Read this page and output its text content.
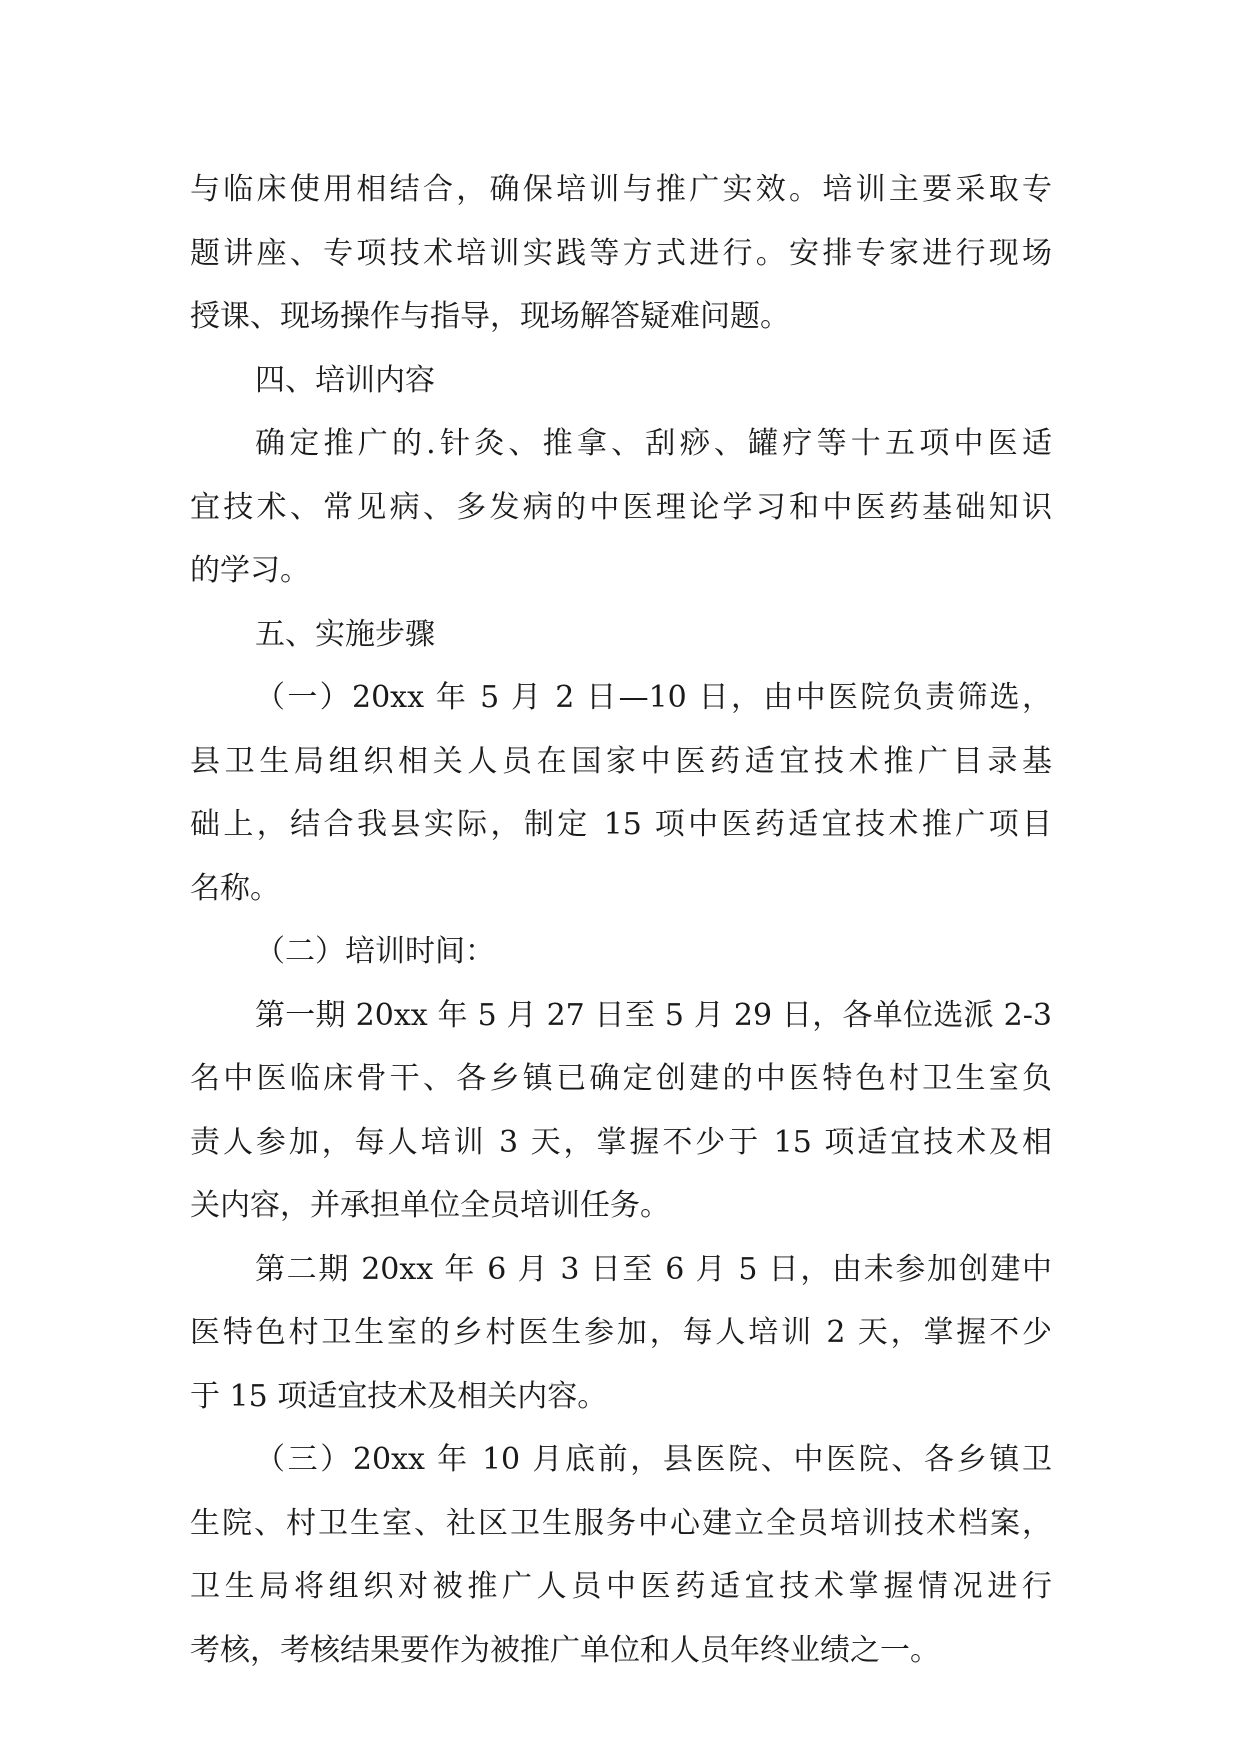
与临床使用相结合，确保培训与推广实效。培训主要采取专
题讲座、专项技术培训实践等方式进行。安排专家进行现场
授课、现场操作与指导，现场解答疑难问题。
四、培训内容
确定推广的.针灸、推拿、刮痧、罐疗等十五项中医适
宜技术、常见病、多发病的中医理论学习和中医药基础知识
的学习。
五、实施步骤
（一）20xx 年 5 月 2 日—10 日，由中医院负责筛选，
县卫生局组织相关人员在国家中医药适宜技术推广目录基
础上，结合我县实际，制定 15 项中医药适宜技术推广项目
名称。
（二）培训时间：
第一期 20xx 年 5 月 27 日至 5 月 29 日，各单位选派 2-3
名中医临床骨干、各乡镇已确定创建的中医特色村卫生室负
责人参加，每人培训 3 天，掌握不少于 15 项适宜技术及相
关内容，并承担单位全员培训任务。
第二期 20xx 年 6 月 3 日至 6 月 5 日，由未参加创建中
医特色村卫生室的乡村医生参加，每人培训 2 天，掌握不少
于 15 项适宜技术及相关内容。
（三）20xx 年 10 月底前，县医院、中医院、各乡镇卫
生院、村卫生室、社区卫生服务中心建立全员培训技术档案，
卫生局将组织对被推广人员中医药适宜技术掌握情况进行
考核，考核结果要作为被推广单位和人员年终业绩之一。
